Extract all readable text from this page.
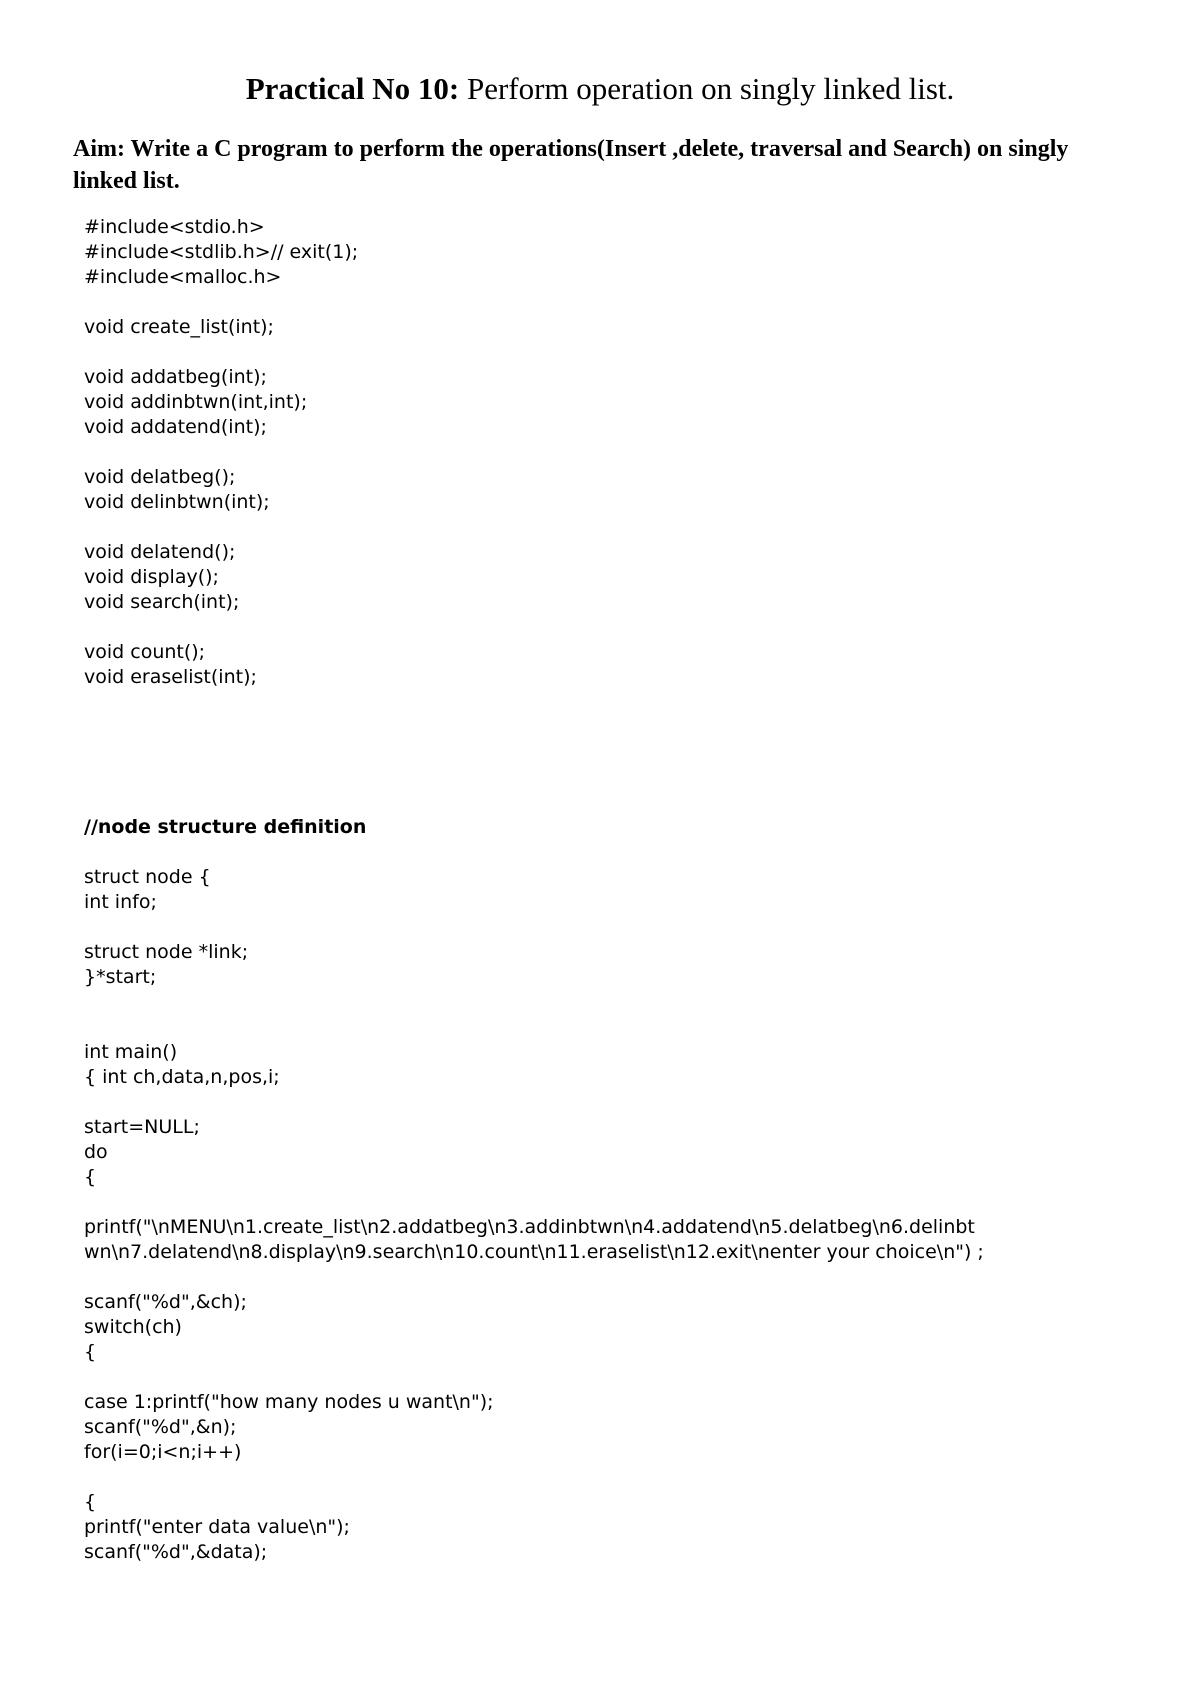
Practical No 10: Perform operation on singly linked list.
Aim: Write a C program to perform the operations(Insert ,delete, traversal and Search) on singly linked list.
#include<stdio.h>
#include<stdlib.h>// exit(1);
#include<malloc.h>
void create_list(int);
void addatbeg(int);
void addinbtwn(int,int);
void addatend(int);
void delatbeg();
void delinbtwn(int);
void delatend();
void display();
void search(int);
void count();
void eraselist(int);
//node structure definition
struct node {
int info;
struct node *link;
}*start;
int main()
{ int ch,data,n,pos,i;
start=NULL;
do
{
printf("\nMENU\n1.create_list\n2.addatbeg\n3.addinbtwn\n4.addatend\n5.delatbeg\n6.delinbt
wn\n7.delatend\n8.display\n9.search\n10.count\n11.eraselist\n12.exit\nenter your choice\n") ;
scanf("%d",&ch);
switch(ch)
{
case 1:printf("how many nodes u want\n");
scanf("%d",&n);
for(i=0;i<n;i++)
{
printf("enter data value\n");
scanf("%d",&data);
